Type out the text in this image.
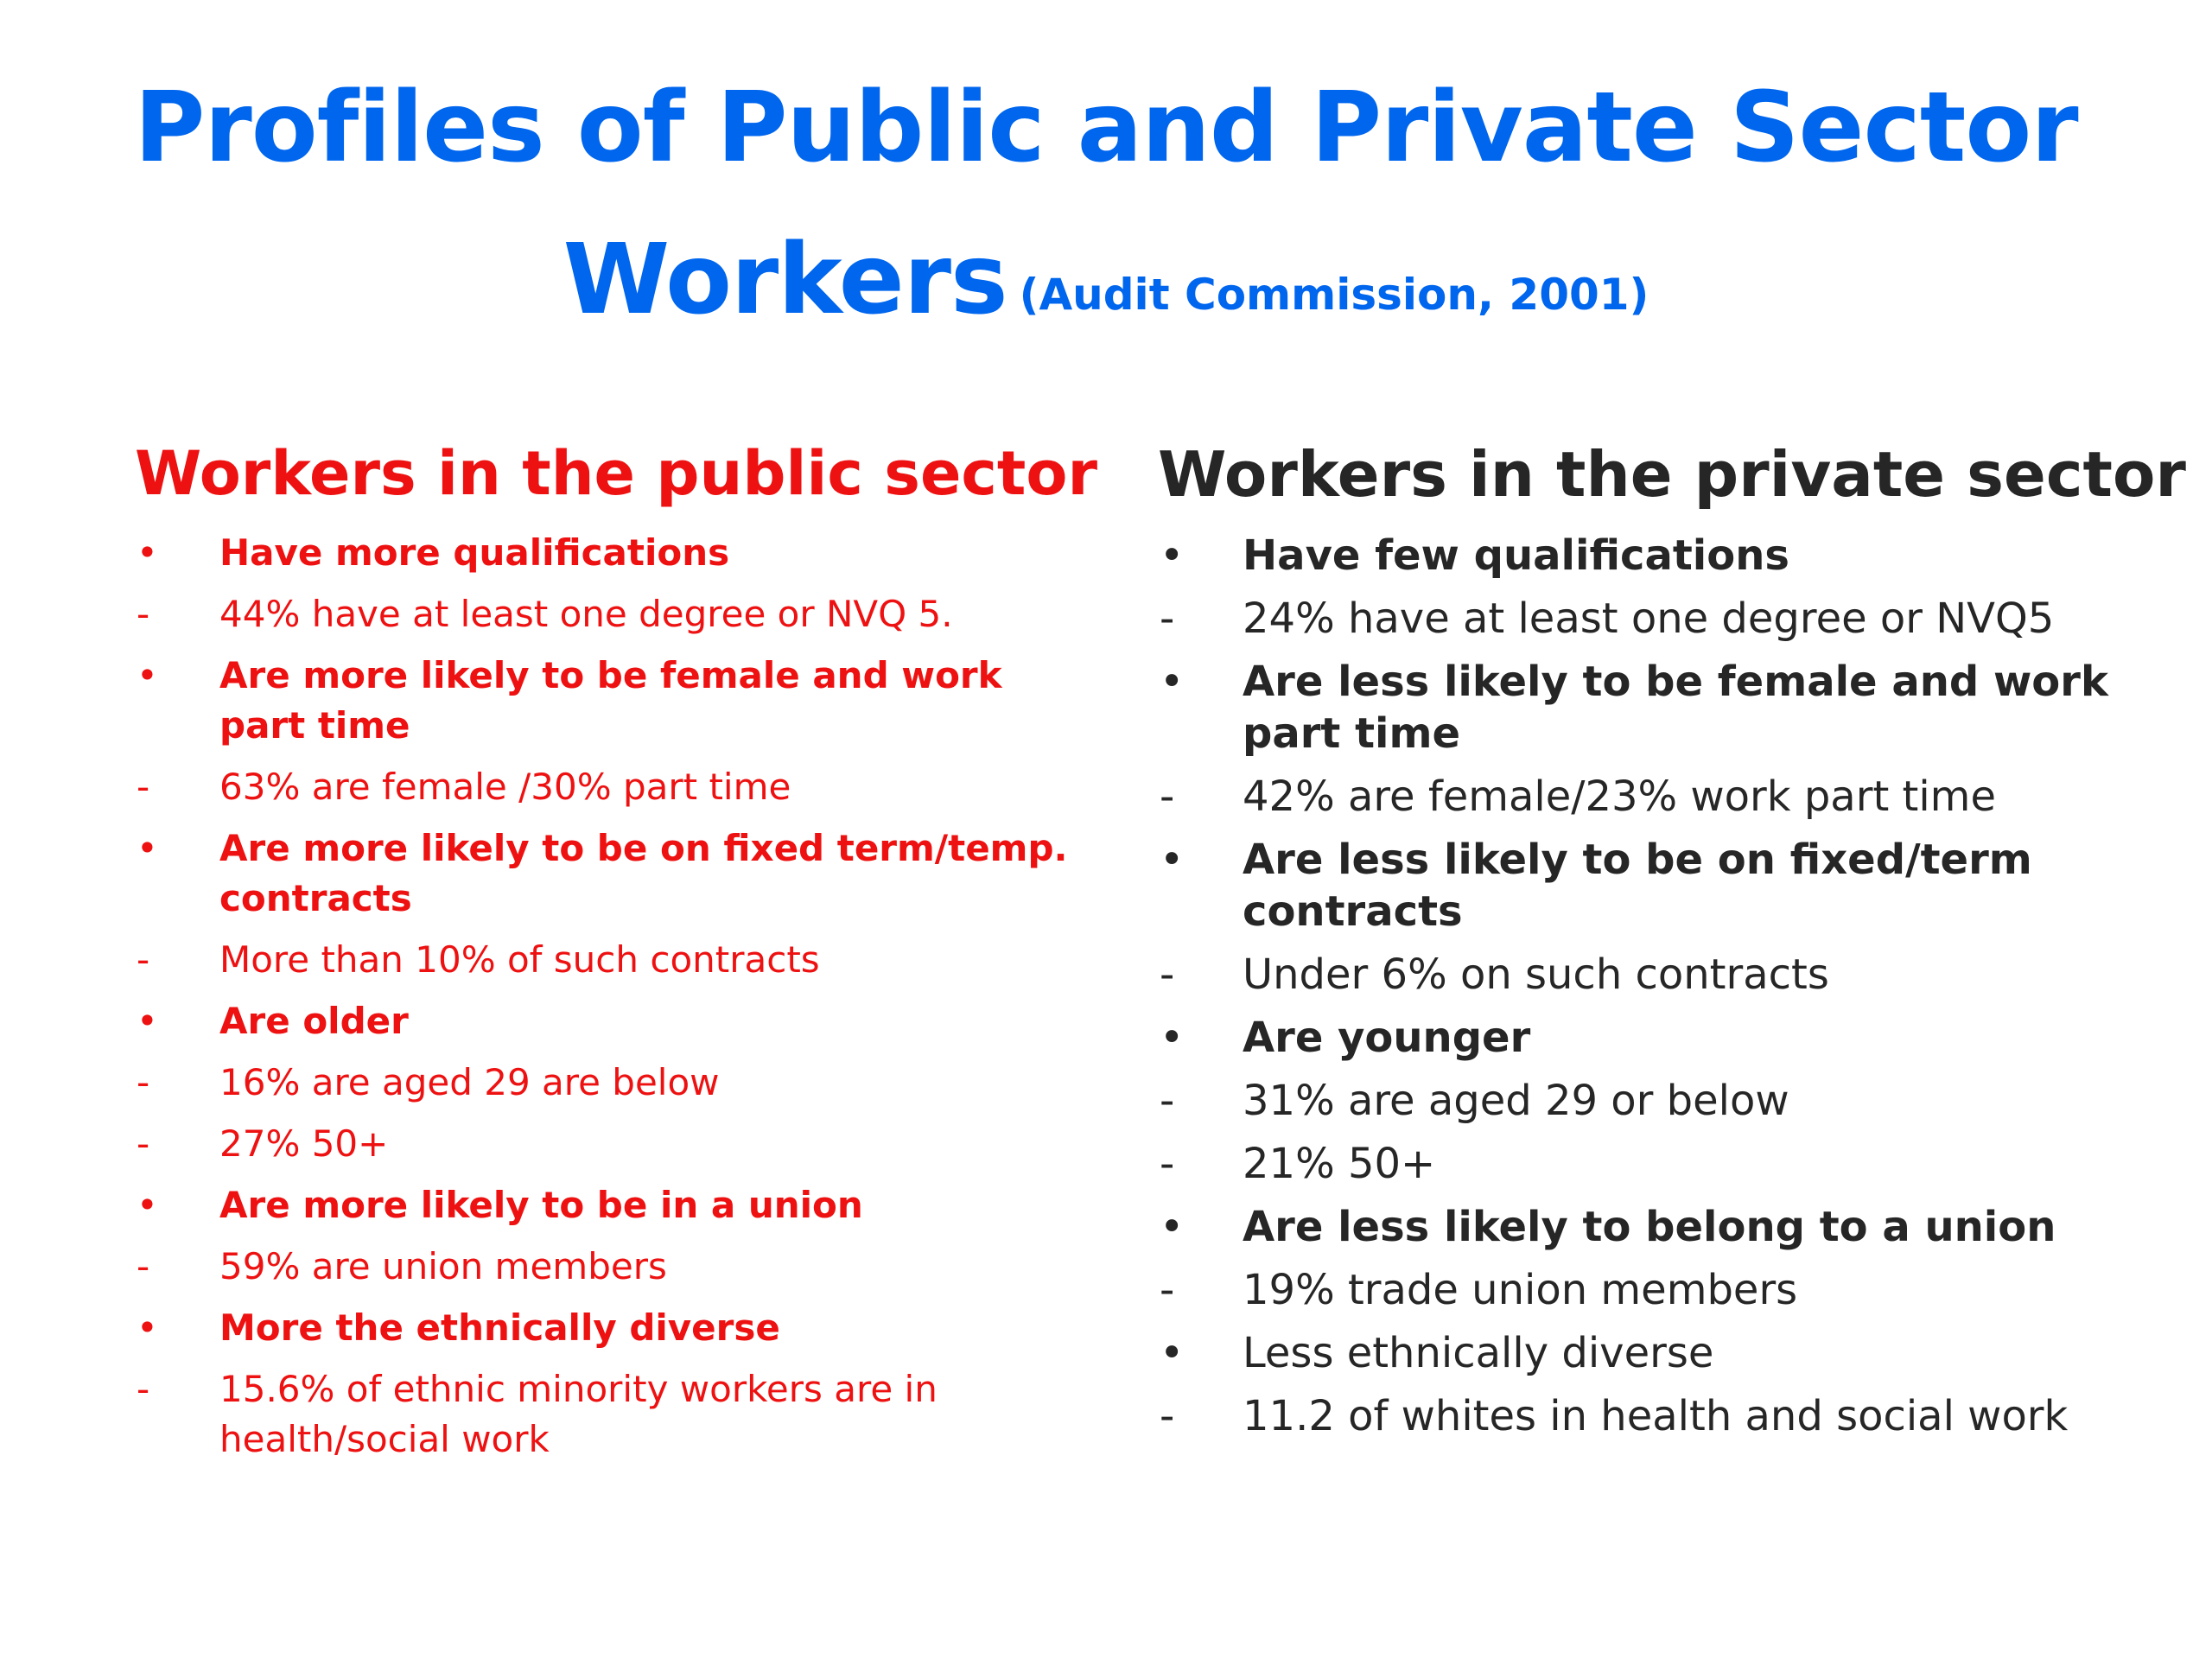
Profiles of Public and Private Sector
Workers (Audit Commission, 2001)
Workers in the public sector
•	Have more qualifications
-	44% have at least one degree or NVQ 5.
•	Are more likely to be female and work part time
-	63% are female /30% part time
•	Are more likely to be on fixed term/temp. contracts
-	More than 10% of such contracts
•	Are older
-	16% are aged 29 are below
-	27% 50+
•	Are more likely to be in a union
-	59% are union members
•	More the ethnically diverse
-	15.6% of ethnic minority workers are in health/social work
Workers in the private sector
•	Have few qualifications
-	24% have at least one degree or NVQ5
•	Are less likely to be female and work part time
-	42% are female/23% work part time
•	Are less likely to be on fixed/term contracts
-	Under 6% on such contracts
•	Are younger
-	31% are aged 29 or below
-	21% 50+
•	Are less likely to belong to a union
-	19% trade union members
•	Less ethnically diverse
-	11.2 of whites in health and social work
